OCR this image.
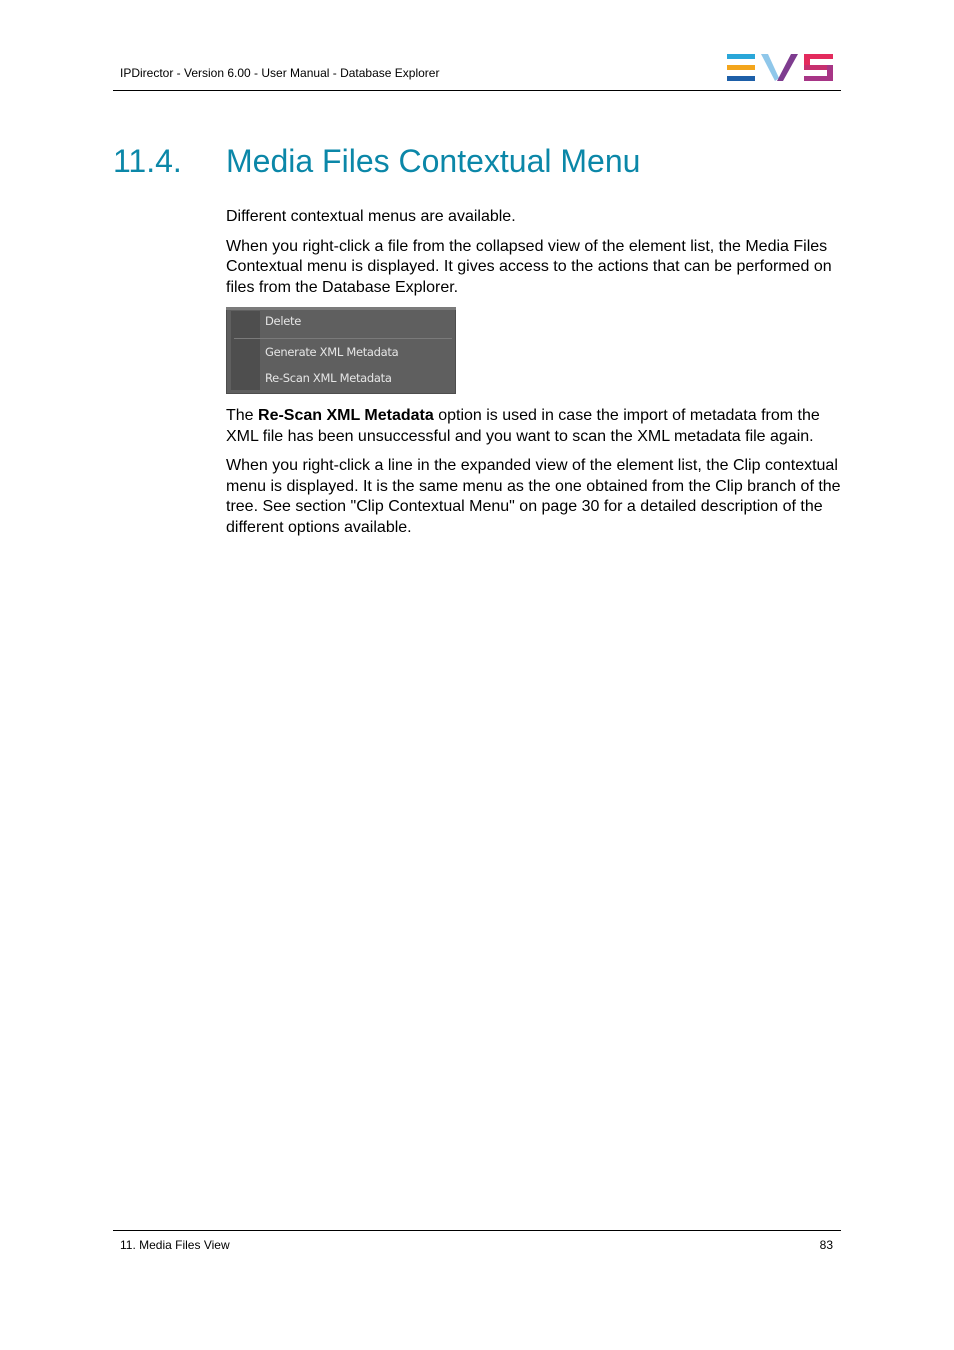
IPDirector - Version 6.00 - User Manual - Database Explorer
11.4. Media Files Contextual Menu

Different contextual menus are available.

When you right-click a file from the collapsed view of the element list, the Media Files Contextual menu is displayed. It gives access to the actions that can be performed on files from the Database Explorer.

Delete
Generate XML Metadata
Re-Scan XML Metadata

The Re-Scan XML Metadata option is used in case the import of metadata from the XML file has been unsuccessful and you want to scan the XML metadata file again.

When you right-click a line in the expanded view of the element list, the Clip contextual menu is displayed. It is the same menu as the one obtained from the Clip branch of the tree. See section "Clip Contextual Menu" on page 30 for a detailed description of the different options available.

11. Media Files View	83
